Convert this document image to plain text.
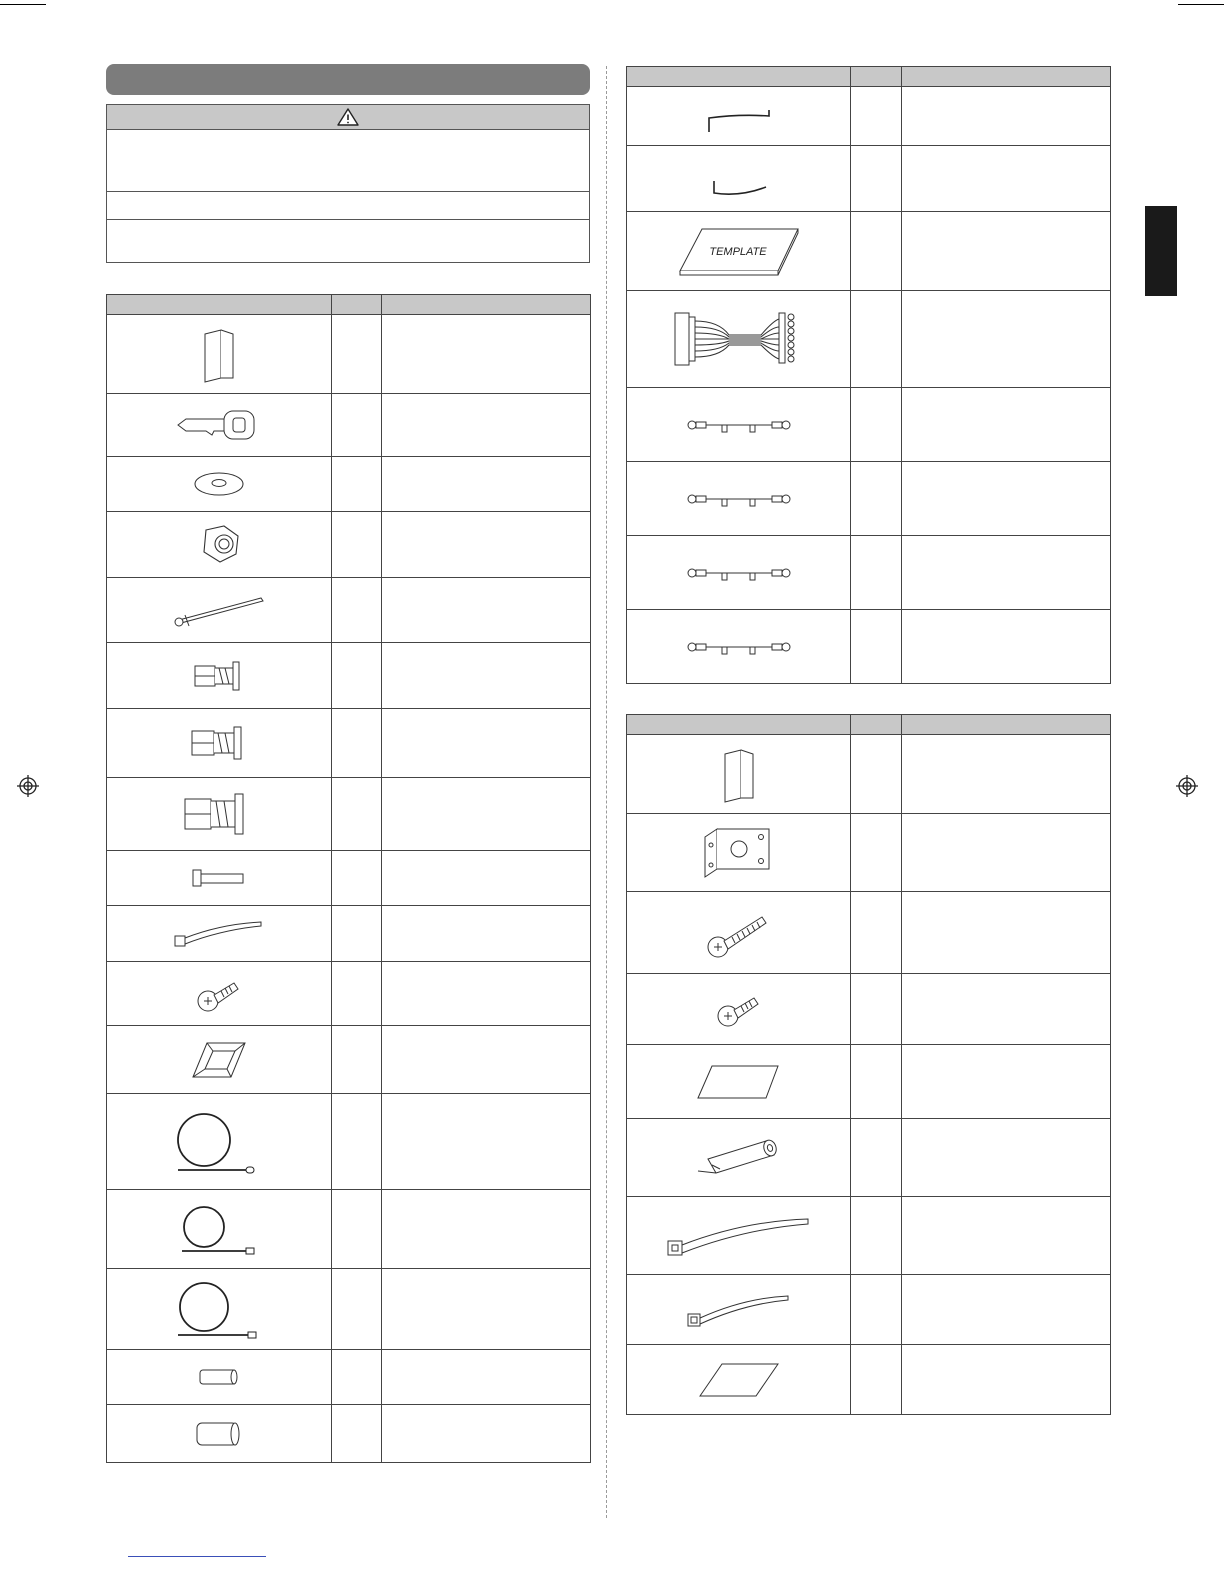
TEMPLATE		
